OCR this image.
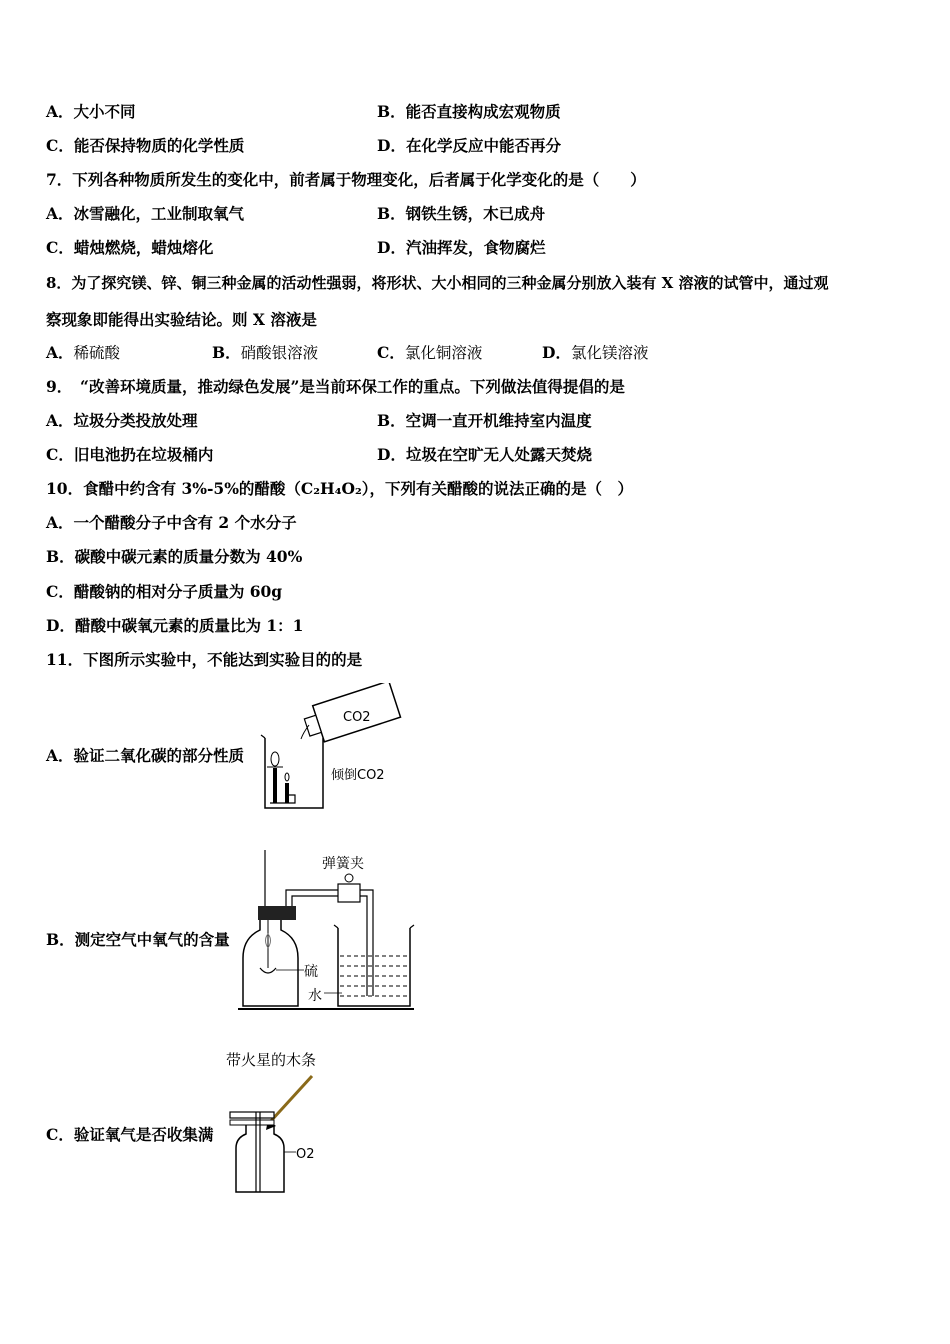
A．大小不同	B．能否直接构成宏观物质
C．能否保持物质的化学性质	D．在化学反应中能否再分
7．下列各种物质所发生的变化中，前者属于物理变化，后者属于化学变化的是（　　）
A．冰雪融化，工业制取氧气	B．钢铁生锈，木已成舟
C．蜡烛燃烧，蜡烛熔化	D．汽油挥发，食物腐烂
8．为了探究镁、锌、铜三种金属的活动性强弱，将形状、大小相同的三种金属分别放入装有 X 溶液的试管中，通过观
察现象即能得出实验结论。则 X 溶液是
A．稀硫酸	B．硝酸银溶液	C．氯化铜溶液	D．氯化镁溶液
9．　“改善环境质量，推动绿色发展”是当前环保工作的重点。下列做法值得提倡的是
A．垃圾分类投放处理	B．空调一直开机维持室内温度
C．旧电池扔在垃圾桶内	D．垃圾在空旷无人处露天焚烧
10．食醋中约含有 3%-5%的醋酸（C₂H₄O₂），下列有关醋酸的说法正确的是（　）
A．一个醋酸分子中含有 2 个水分子
B．碳酸中碳元素的质量分数为 40%
C．醋酸钠的相对分子质量为 60g
D．醋酸中碳氧元素的质量比为 1：1
11．下图所示实验中，不能达到实验目的的是
A．验证二氧化碳的部分性质
CO2
倾倒CO2
B．测定空气中氧气的含量
弹簧夹
硫
水
C．验证氧气是否收集满
带火星的木条
O2
